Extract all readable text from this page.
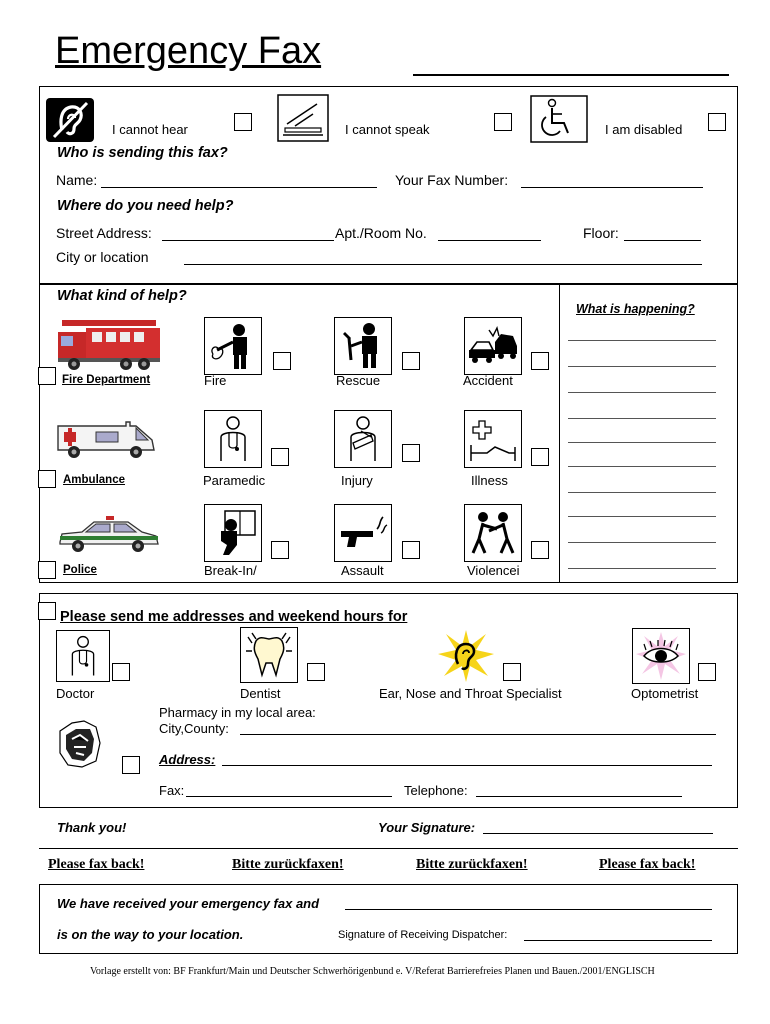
Emergency Fax
I cannot hear	I cannot speak	I am disabled
Who is sending this fax?
Name:	Your Fax Number:
Where do you need help?
Street Address:	Apt./Room No.	Floor:
City or location
What kind of help?
What is happening?
Fire Department	Fire	Rescue	Accident
Ambulance	Paramedic	Injury	Illness
Police	Break-In/	Assault	Violencei
Please send me addresses and weekend hours for
Doctor	Dentist	Ear, Nose and Throat Specialist	Optometrist
Pharmacy in my local area:
City,County:
Address:
Fax:	Telephone:
Thank you!	Your Signature:
Please fax back!	Bitte zurückfaxen!	Bitte zurückfaxen!	Please fax back!
We have received your emergency fax and
is on the way to your location.	Signature of Receiving Dispatcher:
Vorlage erstellt von: BF Frankfurt/Main und Deutscher Schwerhörigenbund e. V/Referat Barrierefreies Planen und Bauen./2001/ENGLISCH
